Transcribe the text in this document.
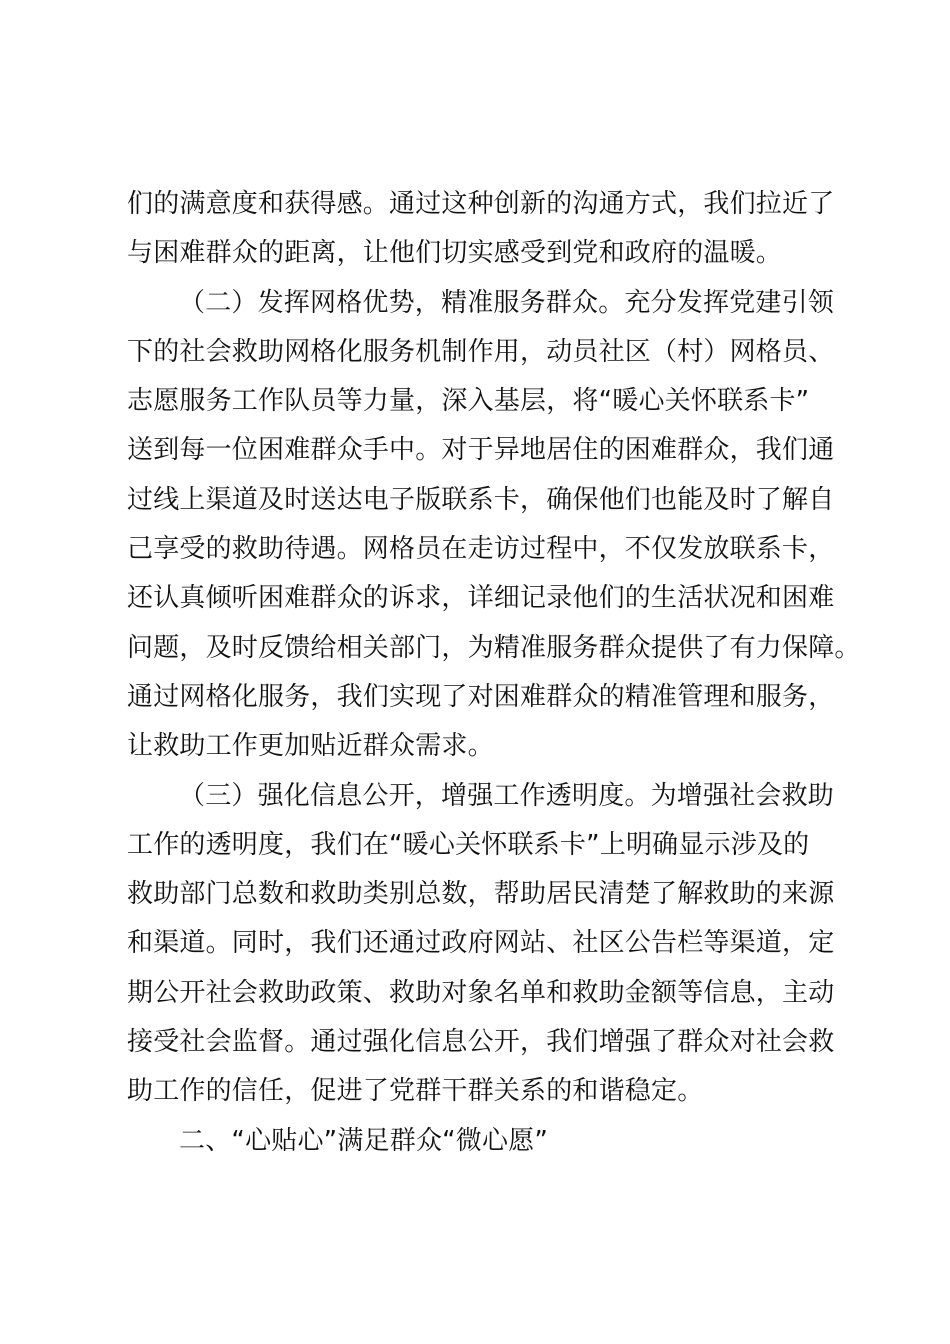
们的满意度和获得感。通过这种创新的沟通方式，我们拉近了
与困难群众的距离，让他们切实感受到党和政府的温暖。
（二）发挥网格优势，精准服务群众。充分发挥党建引领
下的社会救助网格化服务机制作用，动员社区（村）网格员、
志愿服务工作队员等力量，深入基层，将“暖心关怀联系卡”
送到每一位困难群众手中。对于异地居住的困难群众，我们通
过线上渠道及时送达电子版联系卡，确保他们也能及时了解自
己享受的救助待遇。网格员在走访过程中，不仅发放联系卡，
还认真倾听困难群众的诉求，详细记录他们的生活状况和困难
问题，及时反馈给相关部门，为精准服务群众提供了有力保障。
通过网格化服务，我们实现了对困难群众的精准管理和服务，
让救助工作更加贴近群众需求。
（三）强化信息公开，增强工作透明度。为增强社会救助
工作的透明度，我们在“暖心关怀联系卡”上明确显示涉及的
救助部门总数和救助类别总数，帮助居民清楚了解救助的来源
和渠道。同时，我们还通过政府网站、社区公告栏等渠道，定
期公开社会救助政策、救助对象名单和救助金额等信息，主动
接受社会监督。通过强化信息公开，我们增强了群众对社会救
助工作的信任，促进了党群干群关系的和谐稳定。
二、“心贴心”满足群众“微心愿”
